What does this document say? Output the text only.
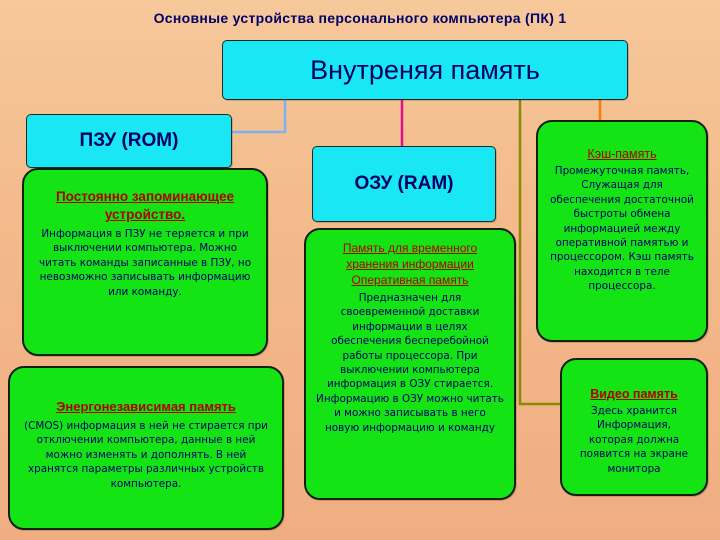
Основные устройства персонального компьютера (ПК) 1
Внутреняя память
ПЗУ (ROM)
ОЗУ (RAM)
Постоянно запоминающее устройство.
Информация в ПЗУ не теряется и при выключении компьютера. Можно читать команды записанные в ПЗУ, но невозможно записывать информацию или команду.
Энергонезависимая память
(CMOS) информация в ней не стирается при отключении компьютера, данные в ней можно изменять и дополнять. В ней хранятся параметры различных устройств компьютера.
Память для временного хранения информации
Оперативная память
Предназначен для своевременной доставки информации в целях обеспечения бесперебойной работы процессора. При выключении компьютера информация в ОЗУ стирается. Информацию в ОЗУ можно читать и можно записывать в него новую информацию и команду
Кэш-память
Промежуточная память, Служащая для обеспечения достаточной быстроты обмена информацией между оперативной памятью и процессором. Кэш память находится в теле процессора.
Видео память
Здесь хранится Информация, которая должна появится на экране монитора
